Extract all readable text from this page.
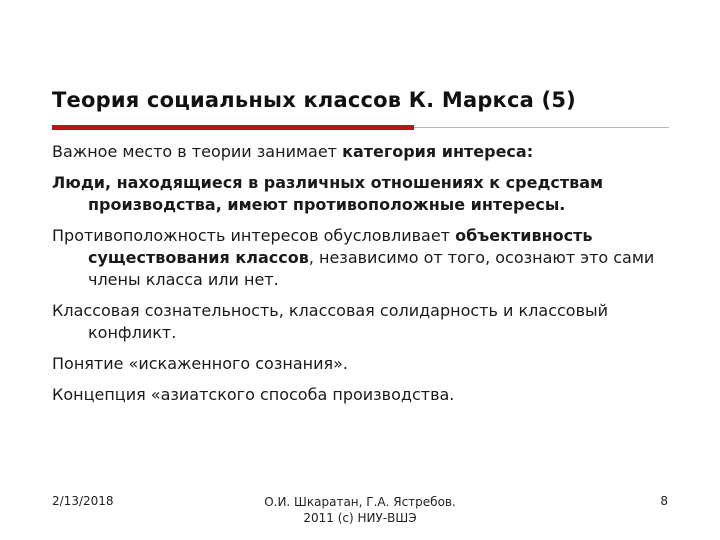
Теория социальных классов К. Маркса (5)

Важное место в теории занимает категория интереса:

Люди, находящиеся в различных отношениях к средствам производства, имеют противоположные интересы.

Противоположность интересов обусловливает объективность существования классов, независимо от того, осознают это сами члены класса или нет.

Классовая сознательность, классовая солидарность и классовый конфликт.

Понятие «искаженного сознания».

Концепция «азиатского способа производства.

2/13/2018	О.И. Шкаратан, Г.А. Ястребов.
2011 (c) НИУ-ВШЭ
8
